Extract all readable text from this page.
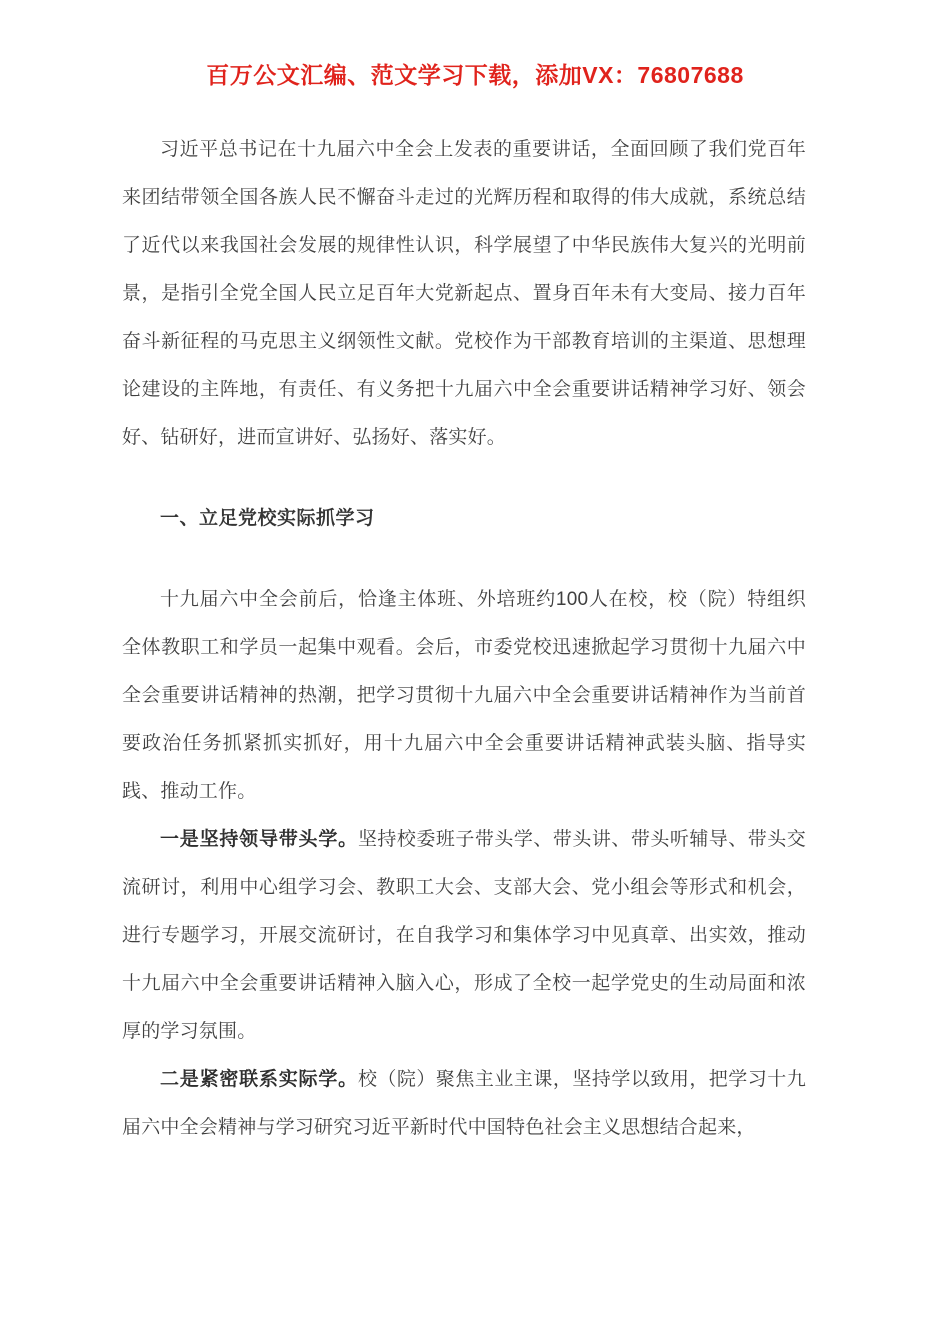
百万公文汇编、范文学习下载，添加VX：76807688

习近平总书记在十九届六中全会上发表的重要讲话，全面回顾了我们党百年来团结带领全国各族人民不懈奋斗走过的光辉历程和取得的伟大成就，系统总结了近代以来我国社会发展的规律性认识，科学展望了中华民族伟大复兴的光明前景，是指引全党全国人民立足百年大党新起点、置身百年未有大变局、接力百年奋斗新征程的马克思主义纲领性文献。党校作为干部教育培训的主渠道、思想理论建设的主阵地，有责任、有义务把十九届六中全会重要讲话精神学习好、领会好、钻研好，进而宣讲好、弘扬好、落实好。

一、立足党校实际抓学习

十九届六中全会前后，恰逢主体班、外培班约100人在校，校（院）特组织全体教职工和学员一起集中观看。会后，市委党校迅速掀起学习贯彻十九届六中全会重要讲话精神的热潮，把学习贯彻十九届六中全会重要讲话精神作为当前首要政治任务抓紧抓实抓好，用十九届六中全会重要讲话精神武装头脑、指导实践、推动工作。

一是坚持领导带头学。坚持校委班子带头学、带头讲、带头听辅导、带头交流研讨，利用中心组学习会、教职工大会、支部大会、党小组会等形式和机会，进行专题学习，开展交流研讨，在自我学习和集体学习中见真章、出实效，推动十九届六中全会重要讲话精神入脑入心，形成了全校一起学党史的生动局面和浓厚的学习氛围。

二是紧密联系实际学。校（院）聚焦主业主课，坚持学以致用，把学习十九届六中全会精神与学习研究习近平新时代中国特色社会主义思想结合起来，
